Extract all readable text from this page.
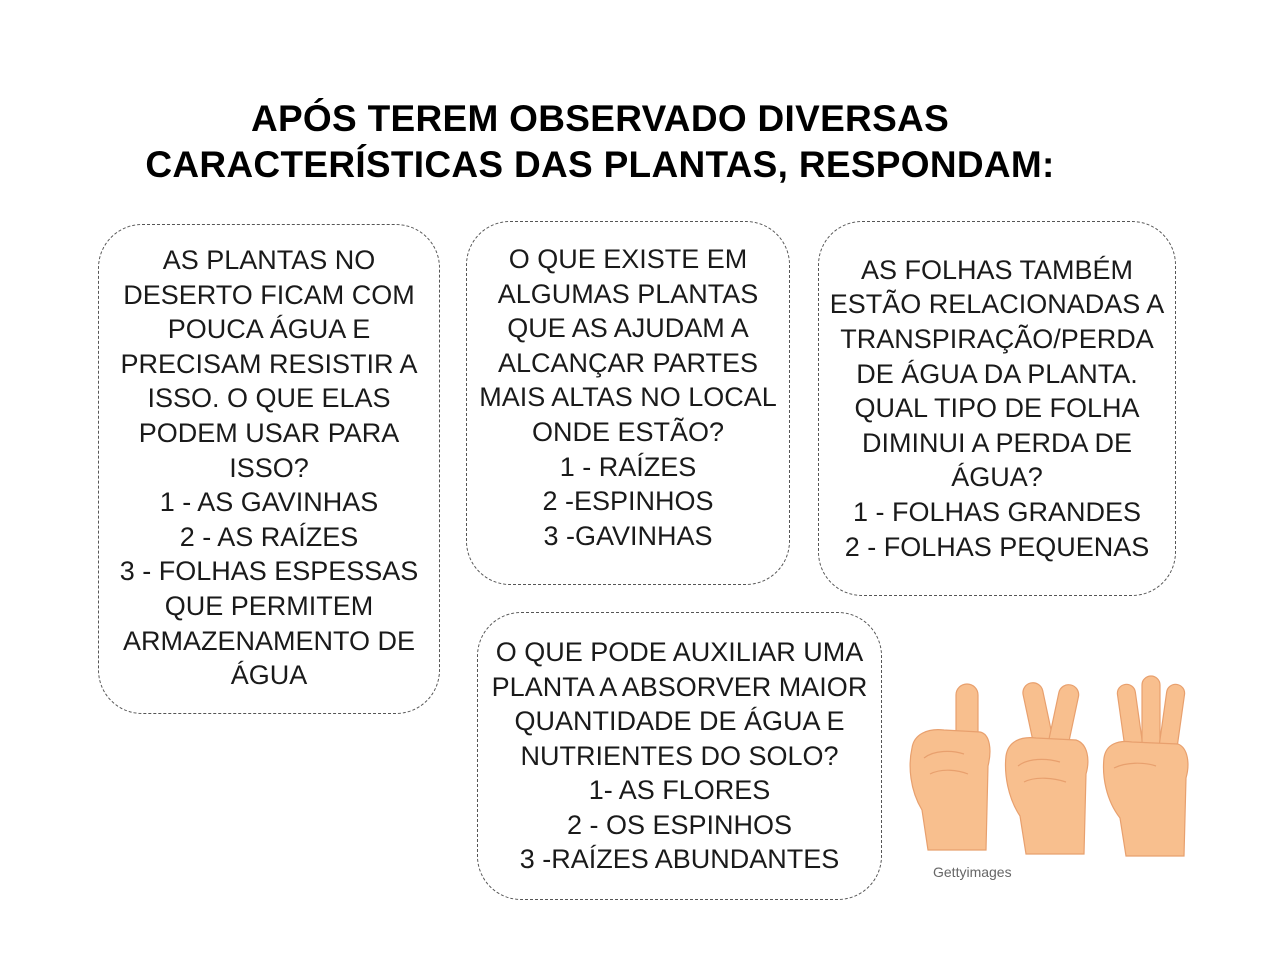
APÓS TEREM OBSERVADO DIVERSAS
CARACTERÍSTICAS DAS PLANTAS, RESPONDAM:
AS PLANTAS NO
DESERTO FICAM COM
POUCA ÁGUA E
PRECISAM RESISTIR A
ISSO. O QUE ELAS
PODEM USAR PARA
ISSO?
1 - AS GAVINHAS
2 - AS RAÍZES
3 - FOLHAS ESPESSAS
QUE PERMITEM
ARMAZENAMENTO DE
ÁGUA
O QUE EXISTE EM
ALGUMAS PLANTAS
QUE AS AJUDAM A
ALCANÇAR PARTES
MAIS ALTAS NO LOCAL
ONDE ESTÃO?
1 - RAÍZES
2 -ESPINHOS
3 -GAVINHAS
AS FOLHAS TAMBÉM
ESTÃO RELACIONADAS A
TRANSPIRAÇÃO/PERDA
DE ÁGUA DA PLANTA.
QUAL TIPO DE FOLHA
DIMINUI A PERDA DE
ÁGUA?
1 - FOLHAS GRANDES
2 - FOLHAS PEQUENAS
O QUE PODE AUXILIAR UMA
PLANTA A ABSORVER MAIOR
QUANTIDADE DE ÁGUA E
NUTRIENTES DO SOLO?
1- AS FLORES
2 - OS ESPINHOS
3 -RAÍZES ABUNDANTES	Gettyimages
